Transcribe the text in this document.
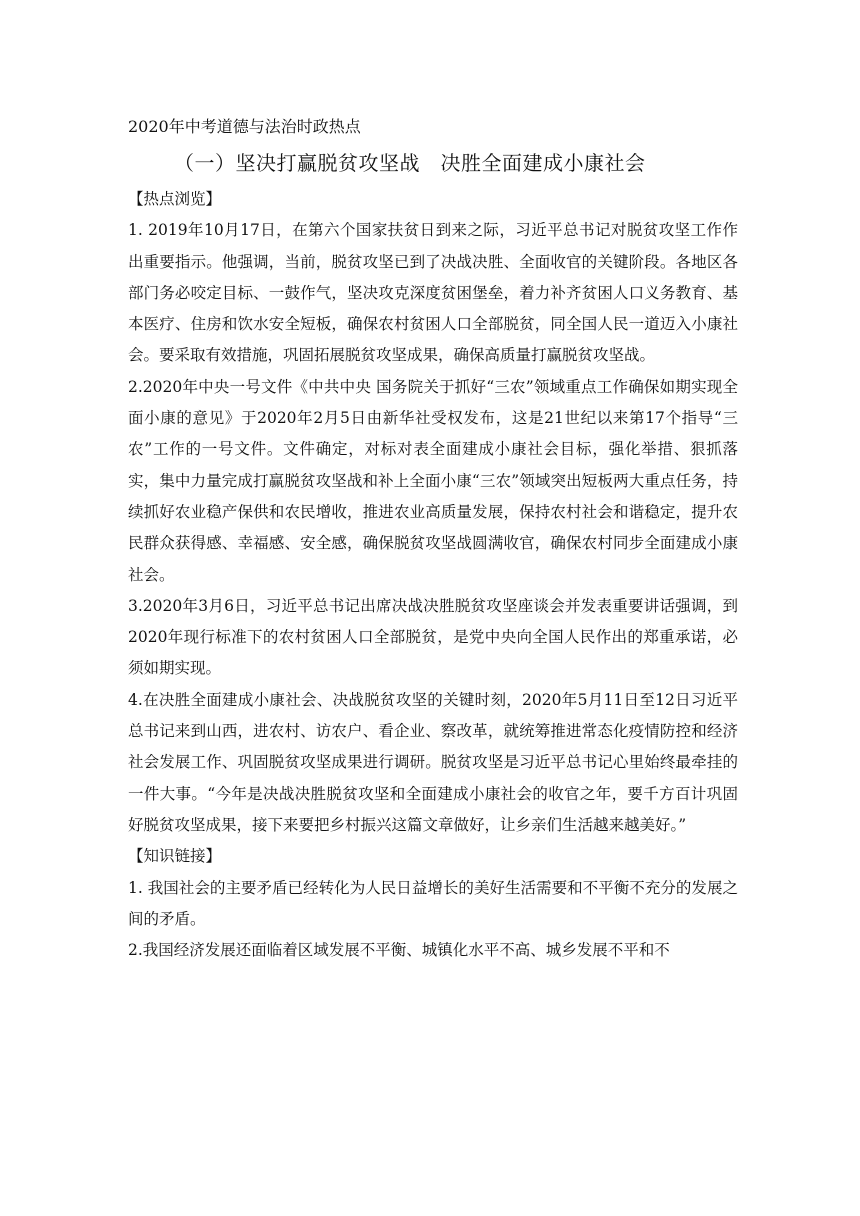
2020年中考道德与法治时政热点
（一）坚决打赢脱贫攻坚战　决胜全面建成小康社会

【热点浏览】

1. 2019年10月17日，在第六个国家扶贫日到来之际，习近平总书记对脱贫攻坚工作作出重要指示。他强调，当前，脱贫攻坚已到了决战决胜、全面收官的关键阶段。各地区各部门务必咬定目标、一鼓作气，坚决攻克深度贫困堡垒，着力补齐贫困人口义务教育、基本医疗、住房和饮水安全短板，确保农村贫困人口全部脱贫，同全国人民一道迈入小康社会。要采取有效措施，巩固拓展脱贫攻坚成果，确保高质量打赢脱贫攻坚战。

2.2020年中央一号文件《中共中央 国务院关于抓好“三农”领域重点工作确保如期实现全面小康的意见》于2020年2月5日由新华社受权发布，这是21世纪以来第17个指导“三农”工作的一号文件。文件确定，对标对表全面建成小康社会目标，强化举措、狠抓落实，集中力量完成打赢脱贫攻坚战和补上全面小康“三农”领域突出短板两大重点任务，持续抓好农业稳产保供和农民增收，推进农业高质量发展，保持农村社会和谐稳定，提升农民群众获得感、幸福感、安全感，确保脱贫攻坚战圆满收官，确保农村同步全面建成小康社会。

3.2020年3月6日，习近平总书记出席决战决胜脱贫攻坚座谈会并发表重要讲话强调，到2020年现行标准下的农村贫困人口全部脱贫，是党中央向全国人民作出的郑重承诺，必须如期实现。

4.在决胜全面建成小康社会、决战脱贫攻坚的关键时刻，2020年5月11日至12日习近平总书记来到山西，进农村、访农户、看企业、察改革，就统筹推进常态化疫情防控和经济社会发展工作、巩固脱贫攻坚成果进行调研。脱贫攻坚是习近平总书记心里始终最牵挂的一件大事。“今年是决战决胜脱贫攻坚和全面建成小康社会的收官之年，要千方百计巩固好脱贫攻坚成果，接下来要把乡村振兴这篇文章做好，让乡亲们生活越来越美好。”

【知识链接】

1. 我国社会的主要矛盾已经转化为人民日益增长的美好生活需要和不平衡不充分的发展之间的矛盾。

2.我国经济发展还面临着区域发展不平衡、城镇化水平不高、城乡发展不平和不
